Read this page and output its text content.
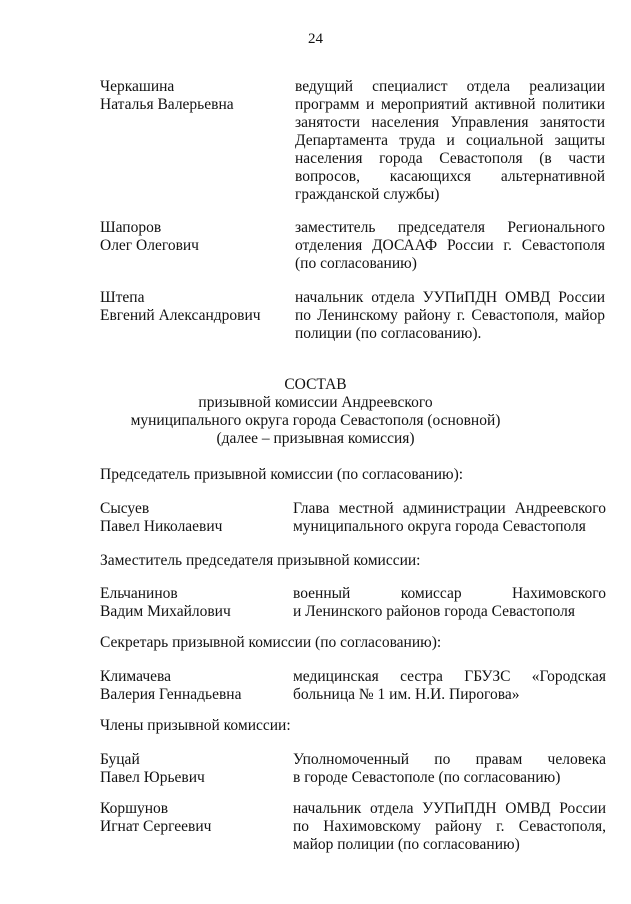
24
Черкашина
Наталья Валерьевна
ведущий специалист отдела реализации
программ и мероприятий активной политики
занятости населения Управления занятости
Департамента труда и социальной защиты
населения города Севастополя (в части
вопросов, касающихся альтернативной
гражданской службы)
Шапоров
Олег Олегович
заместитель председателя Регионального
отделения ДОСААФ России г. Севастополя
(по согласованию)
Штепа
Евгений Александрович
начальник отдела УУПиПДН ОМВД России
по Ленинскому району г. Севастополя, майор
полиции (по согласованию).
СОСТАВ
призывной комиссии Андреевского
муниципального округа города Севастополя (основной)
(далее – призывная комиссия)
Председатель призывной комиссии (по согласованию):
Сысуев
Павел Николаевич
Глава местной администрации Андреевского
муниципального округа города Севастополя
Заместитель председателя призывной комиссии:
Ельчанинов
Вадим Михайлович
военный комиссар Нахимовского
и Ленинского районов города Севастополя
Секретарь призывной комиссии (по согласованию):
Климачева
Валерия Геннадьевна
медицинская сестра ГБУЗС «Городская
больница № 1 им. Н.И. Пирогова»
Члены призывной комиссии:
Буцай
Павел Юрьевич
Уполномоченный по правам человека
в городе Севастополе (по согласованию)
Коршунов
Игнат Сергеевич
начальник отдела УУПиПДН ОМВД России
по Нахимовскому району г. Севастополя,
майор полиции (по согласованию)
